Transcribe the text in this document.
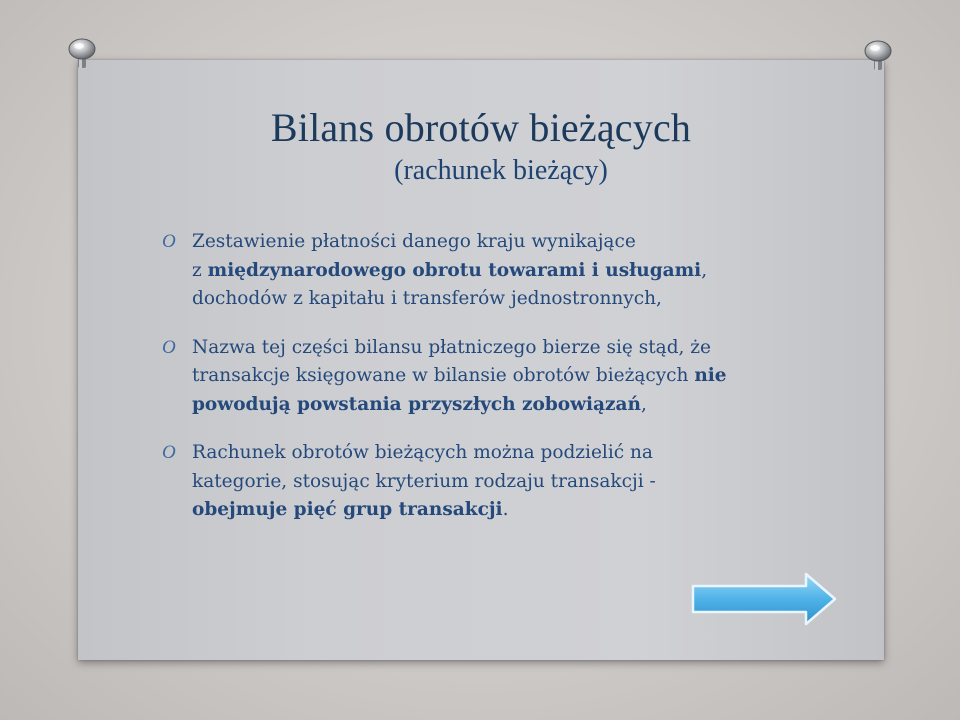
Bilans obrotów bieżących
(rachunek bieżący)
O Zestawienie płatności danego kraju wynikające
z międzynarodowego obrotu towarami i usługami,
dochodów z kapitału i transferów jednostronnych,
O Nazwa tej części bilansu płatniczego bierze się stąd, że
transakcje księgowane w bilansie obrotów bieżących nie
powodują powstania przyszłych zobowiązań,
O Rachunek obrotów bieżących można podzielić na
kategorie, stosując kryterium rodzaju transakcji -
obejmuje pięć grup transakcji.
